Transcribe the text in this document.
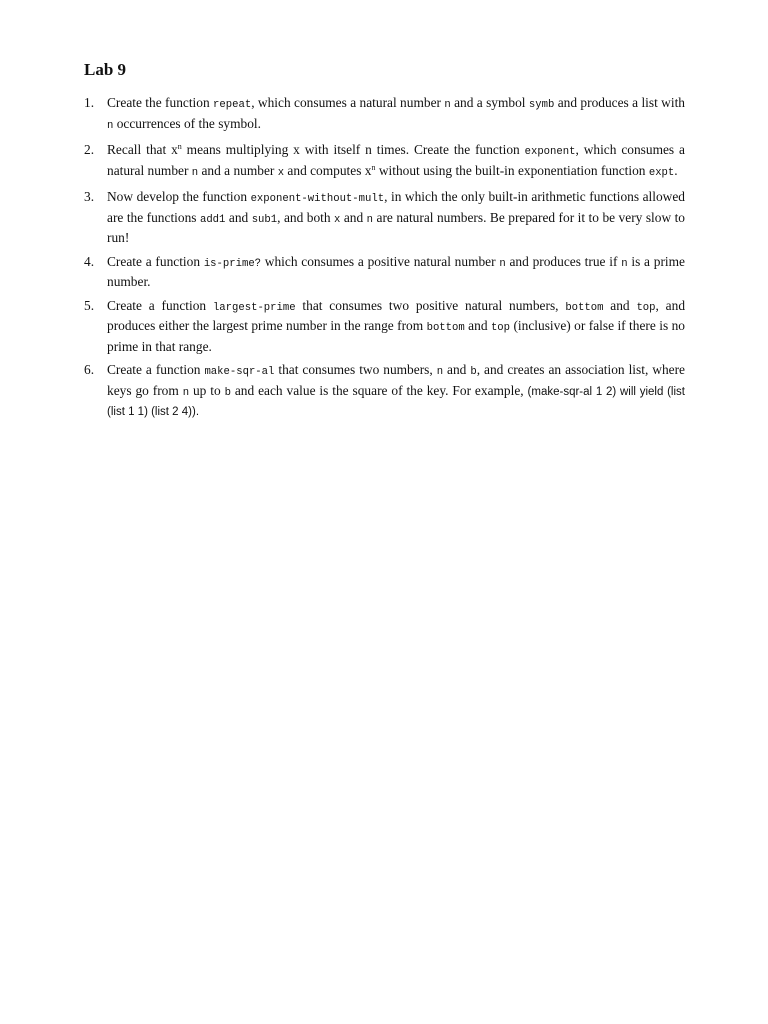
Lab 9
1. Create the function repeat, which consumes a natural number n and a symbol symb and produces a list with n occurrences of the symbol.
2. Recall that $x^n$ means multiplying x with itself n times. Create the function exponent, which consumes a natural number n and a number x and computes $x^n$ without using the built-in exponentiation function expt.
3. Now develop the function exponent-without-mult, in which the only built-in arithmetic functions allowed are the functions add1 and sub1, and both x and n are natural numbers. Be prepared for it to be very slow to run!
4. Create a function is-prime? which consumes a positive natural number n and produces true if n is a prime number.
5. Create a function largest-prime that consumes two positive natural numbers, bottom and top, and produces either the largest prime number in the range from bottom and top (inclusive) or false if there is no prime in that range.
6. Create a function make-sqr-al that consumes two numbers, n and b, and creates an association list, where keys go from n up to b and each value is the square of the key. For example, (make-sqr-al 1 2) will yield (list (list 1 1) (list 2 4)).
